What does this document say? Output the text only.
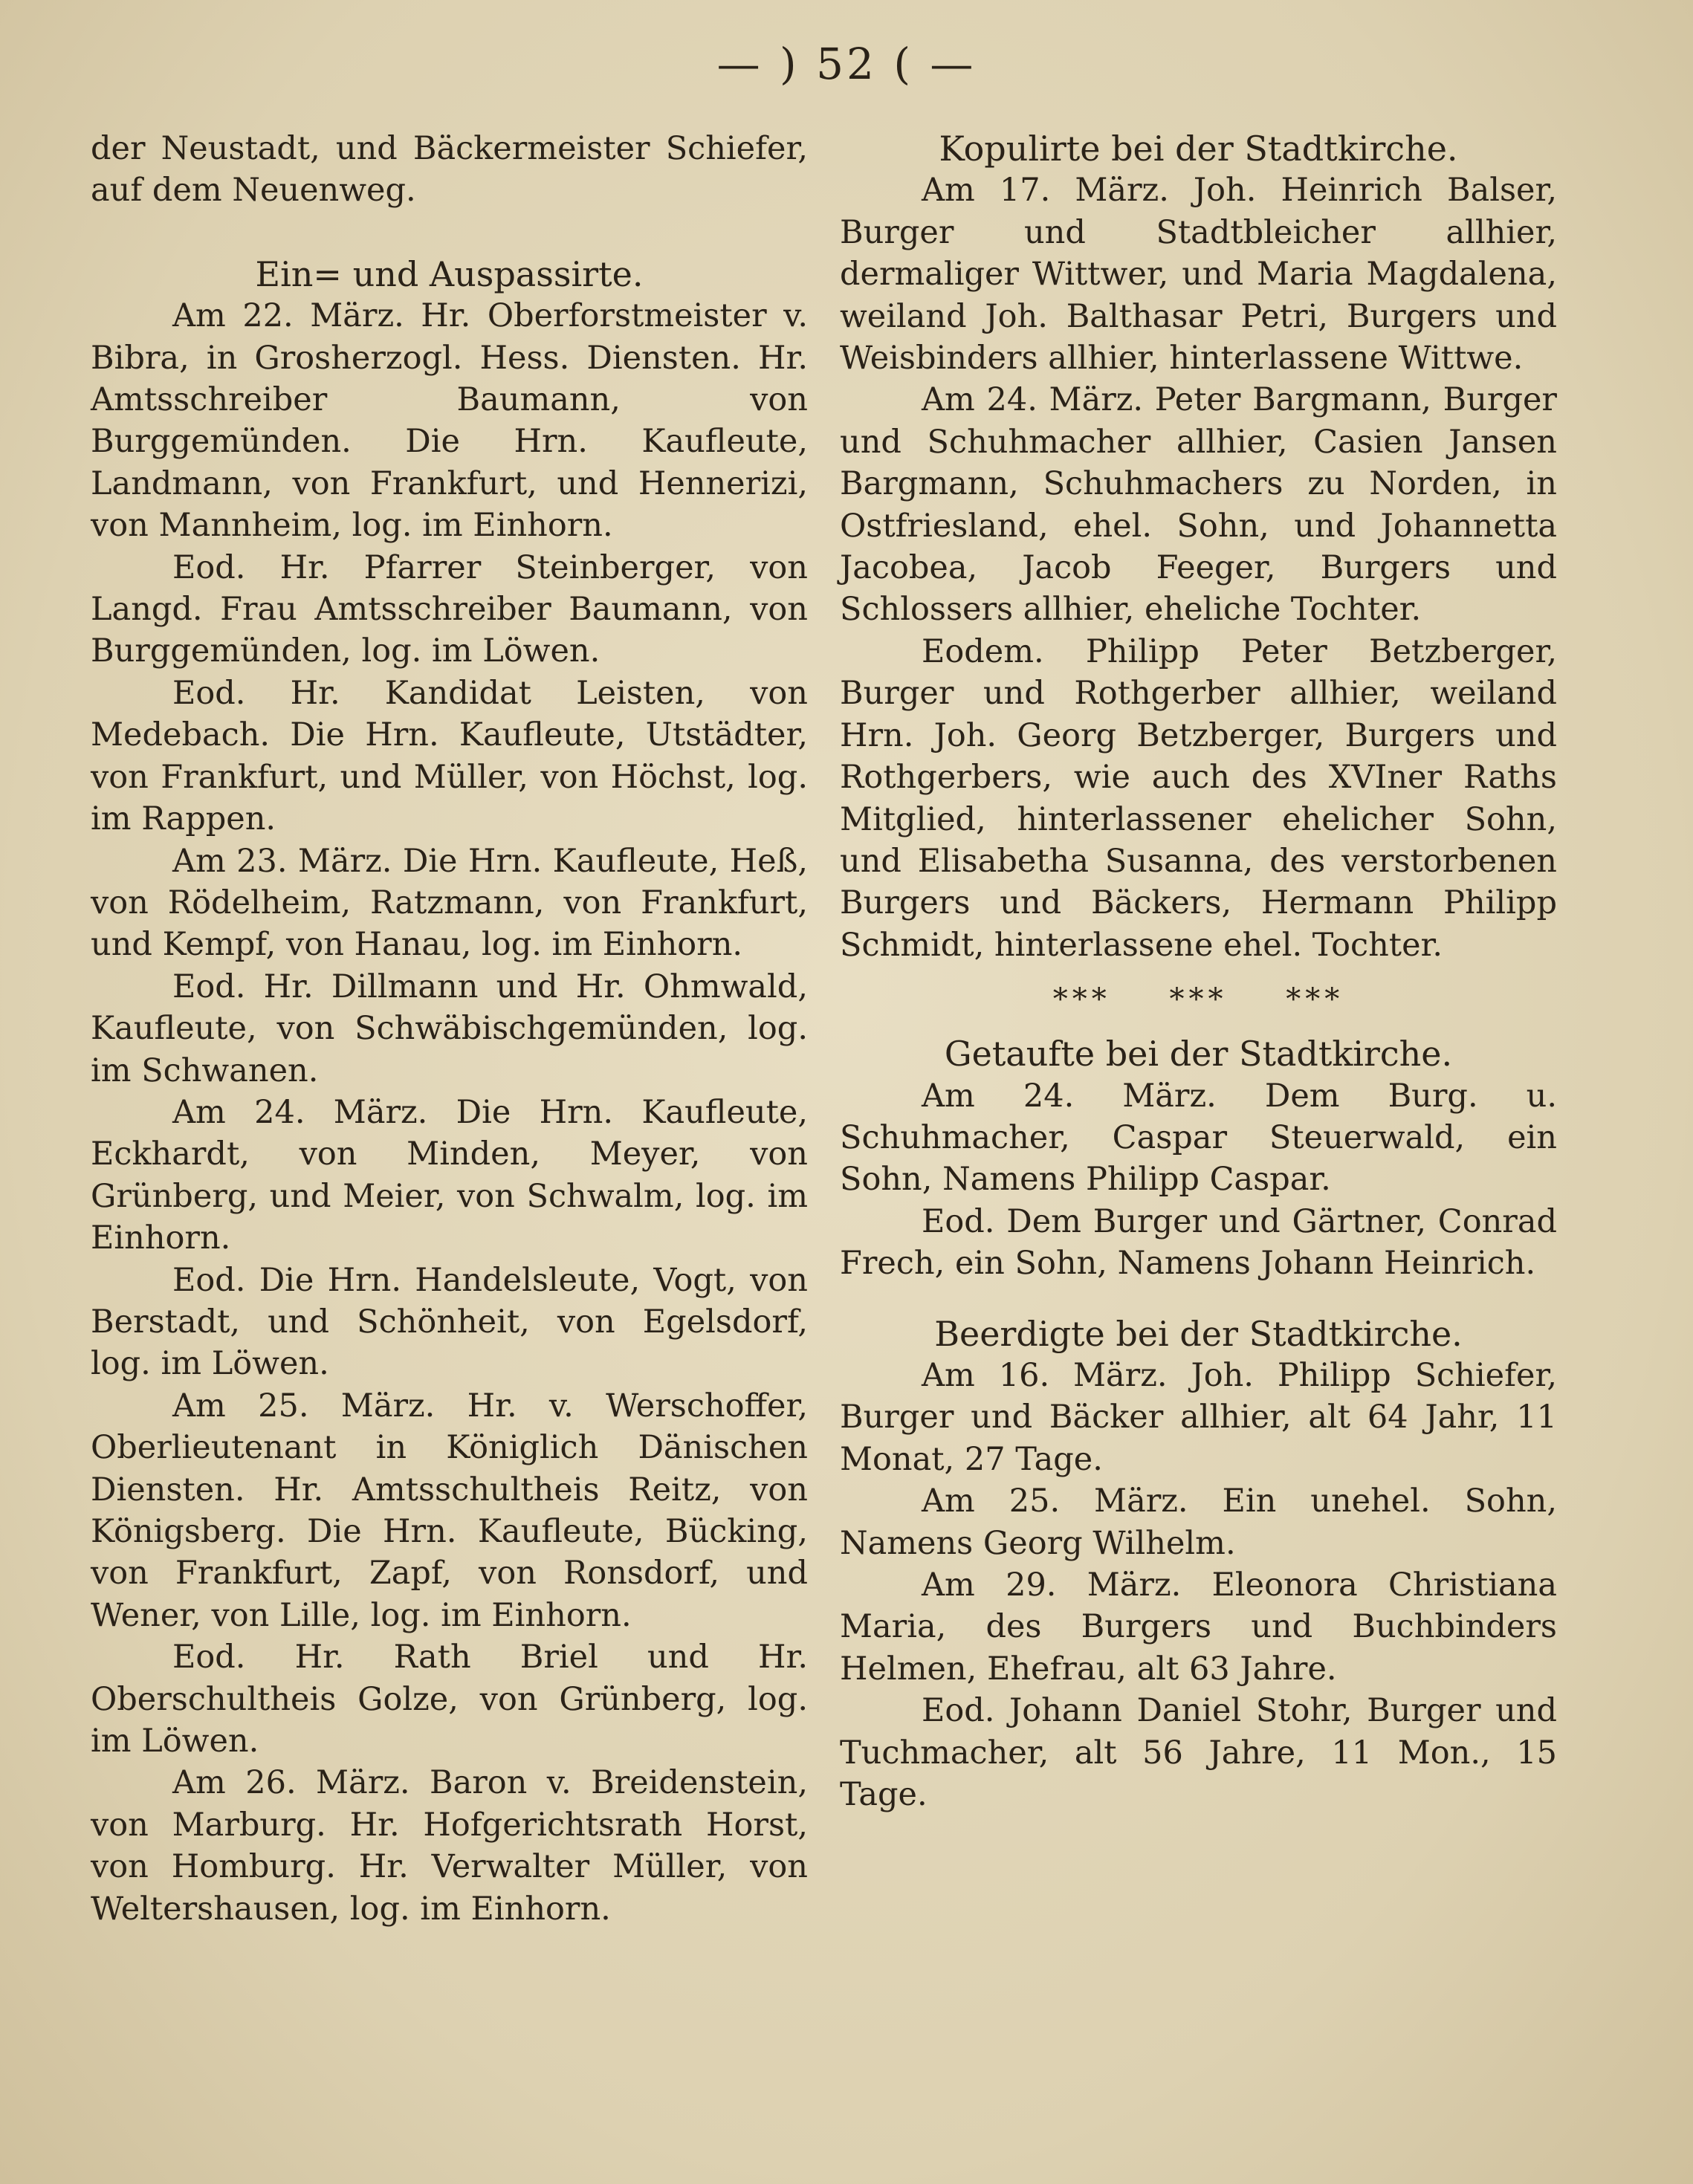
— ) 52 ( —

der Neustadt, und Bäckermeister Schiefer, auf dem Neuenweg.

Ein= und Auspassirte.

Am 22. März. Hr. Oberforstmeister v. Bibra, in Grosherzogl. Hess. Diensten. Hr. Amtsschreiber Baumann, von Burggemünden. Die Hrn. Kaufleute, Landmann, von Frankfurt, und Hennerizi, von Mannheim, log. im Einhorn.

Eod. Hr. Pfarrer Steinberger, von Langd. Frau Amtsschreiber Baumann, von Burggemünden, log. im Löwen.

Eod. Hr. Kandidat Leisten, von Medebach. Die Hrn. Kaufleute, Utstädter, von Frankfurt, und Müller, von Höchst, log. im Rappen.

Am 23. März. Die Hrn. Kaufleute, Heß, von Rödelheim, Ratzmann, von Frankfurt, und Kempf, von Hanau, log. im Einhorn.

Eod. Hr. Dillmann und Hr. Ohmwald, Kaufleute, von Schwäbischgemünden, log. im Schwanen.

Am 24. März. Die Hrn. Kaufleute, Eckhardt, von Minden, Meyer, von Grünberg, und Meier, von Schwalm, log. im Einhorn.

Eod. Die Hrn. Handelsleute, Vogt, von Berstadt, und Schönheit, von Egelsdorf, log. im Löwen.

Am 25. März. Hr. v. Werschoffer, Oberlieutenant in Königlich Dänischen Diensten. Hr. Amtsschultheis Reitz, von Königsberg. Die Hrn. Kaufleute, Bücking, von Frankfurt, Zapf, von Ronsdorf, und Wener, von Lille, log. im Einhorn.

Eod. Hr. Rath Briel und Hr. Oberschultheis Golze, von Grünberg, log. im Löwen.

Am 26. März. Baron v. Breidenstein, von Marburg. Hr. Hofgerichtsrath Horst, von Homburg. Hr. Verwalter Müller, von Weltershausen, log. im Einhorn.

Kopulirte bei der Stadtkirche.

Am 17. März. Joh. Heinrich Balser, Burger und Stadtbleicher allhier, dermaliger Wittwer, und Maria Magdalena, weiland Joh. Balthasar Petri, Burgers und Weisbinders allhier, hinterlassene Wittwe.

Am 24. März. Peter Bargmann, Burger und Schuhmacher allhier, Casien Jansen Bargmann, Schuhmachers zu Norden, in Ostfriesland, ehel. Sohn, und Johannetta Jacobea, Jacob Feeger, Burgers und Schlossers allhier, eheliche Tochter.

Eodem. Philipp Peter Betzberger, Burger und Rothgerber allhier, weiland Hrn. Joh. Georg Betzberger, Burgers und Rothgerbers, wie auch des XVIner Raths Mitglied, hinterlassener ehelicher Sohn, und Elisabetha Susanna, des verstorbenen Burgers und Bäckers, Hermann Philipp Schmidt, hinterlassene ehel. Tochter.

*** *** ***

Getaufte bei der Stadtkirche.

Am 24. März. Dem Burg. u. Schuhmacher, Caspar Steuerwald, ein Sohn, Namens Philipp Caspar.

Eod. Dem Burger und Gärtner, Conrad Frech, ein Sohn, Namens Johann Heinrich.

Beerdigte bei der Stadtkirche.

Am 16. März. Joh. Philipp Schiefer, Burger und Bäcker allhier, alt 64 Jahr, 11 Monat, 27 Tage.

Am 25. März. Ein unehel. Sohn, Namens Georg Wilhelm.

Am 29. März. Eleonora Christiana Maria, des Burgers und Buchbinders Helmen, Ehefrau, alt 63 Jahre.

Eod. Johann Daniel Stohr, Burger und Tuchmacher, alt 56 Jahre, 11 Mon., 15 Tage.
